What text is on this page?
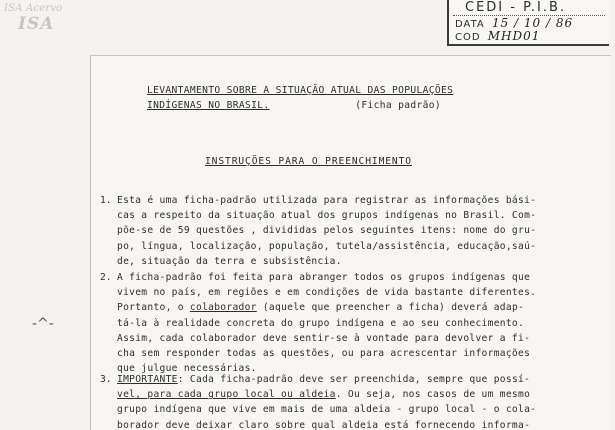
ISA Acervo
ISA
CEDI - P.I.B.
DATA 15 / 10 / 86
COD MHD01
LEVANTAMENTO SOBRE A SITUAÇÃO ATUAL DAS POPULAÇÕES
INDÍGENAS NO BRASIL.	(Ficha padrão)
INSTRUÇÕES PARA O PREENCHIMENTO
1. Esta é uma ficha-padrão utilizada para registrar as informações bási-
cas a respeito da situação atual dos grupos indígenas no Brasil. Com-
põe-se de 59 questões , divididas pelos seguintes itens: nome do gru-
po, língua, localização, população, tutela/assistência, educação,saú-
de, situação da terra e subsistência.
2. A ficha-padrão foi feita para abranger todos os grupos indígenas que
vivem no país, em regiões e em condições de vida bastante diferentes.
Portanto, o colaborador (aquele que preencher a ficha) deverá adap-
tá-la à realidade concreta do grupo indígena e ao seu conhecimento.
Assim, cada colaborador deve sentir-se à vontade para devolver a fi-
cha sem responder todas as questões, ou para acrescentar informações
que julgue necessárias.
3. IMPORTANTE: Cada ficha-padrão deve ser preenchida, sempre que possí-
vel, para cada grupo local ou aldeia. Ou seja, nos casos de um mesmo
grupo indígena que vive em mais de uma aldeia - grupo local - o cola-
borador deve deixar claro sobre qual aldeia está fornecendo informa-
-^-
